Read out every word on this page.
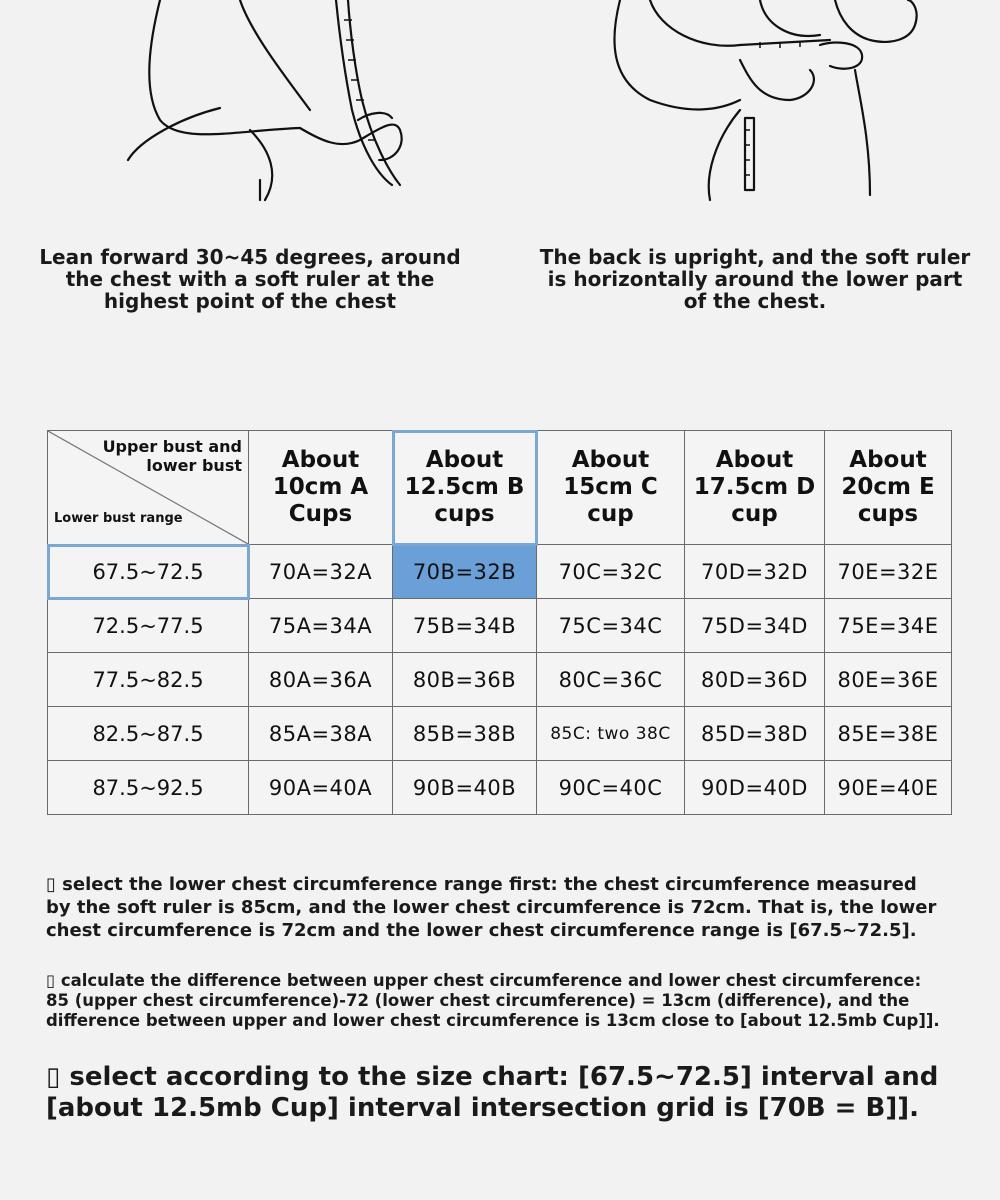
Lean forward 30~45 degrees, around the chest with a soft ruler at the highest point of the chest
The back is upright, and the soft ruler is horizontally around the lower part of the chest.
Upper bust and lower bust
Lower bust range	About 10cm A Cups	About 12.5cm B cups	About 15cm C cup	About 17.5cm D cup	About 20cm E cups
67.5~72.5	70A=32A	70B=32B	70C=32C	70D=32D	70E=32E
72.5~77.5	75A=34A	75B=34B	75C=34C	75D=34D	75E=34E
77.5~82.5	80A=36A	80B=36B	80C=36C	80D=36D	80E=36E
82.5~87.5	85A=38A	85B=38B	85C: two 38C	85D=38D	85E=38E
87.5~92.5	90A=40A	90B=40B	90C=40C	90D=40D	90E=40E
▯ select the lower chest circumference range first: the chest circumference measured by the soft ruler is 85cm, and the lower chest circumference is 72cm. That is, the lower chest circumference is 72cm and the lower chest circumference range is [67.5~72.5].
▯ calculate the difference between upper chest circumference and lower chest circumference: 85 (upper chest circumference)-72 (lower chest circumference) = 13cm (difference), and the difference between upper and lower chest circumference is 13cm close to [about 12.5mb Cup]].
▯ select according to the size chart: [67.5~72.5] interval and [about 12.5mb Cup] interval intersection grid is [70B = B]].
